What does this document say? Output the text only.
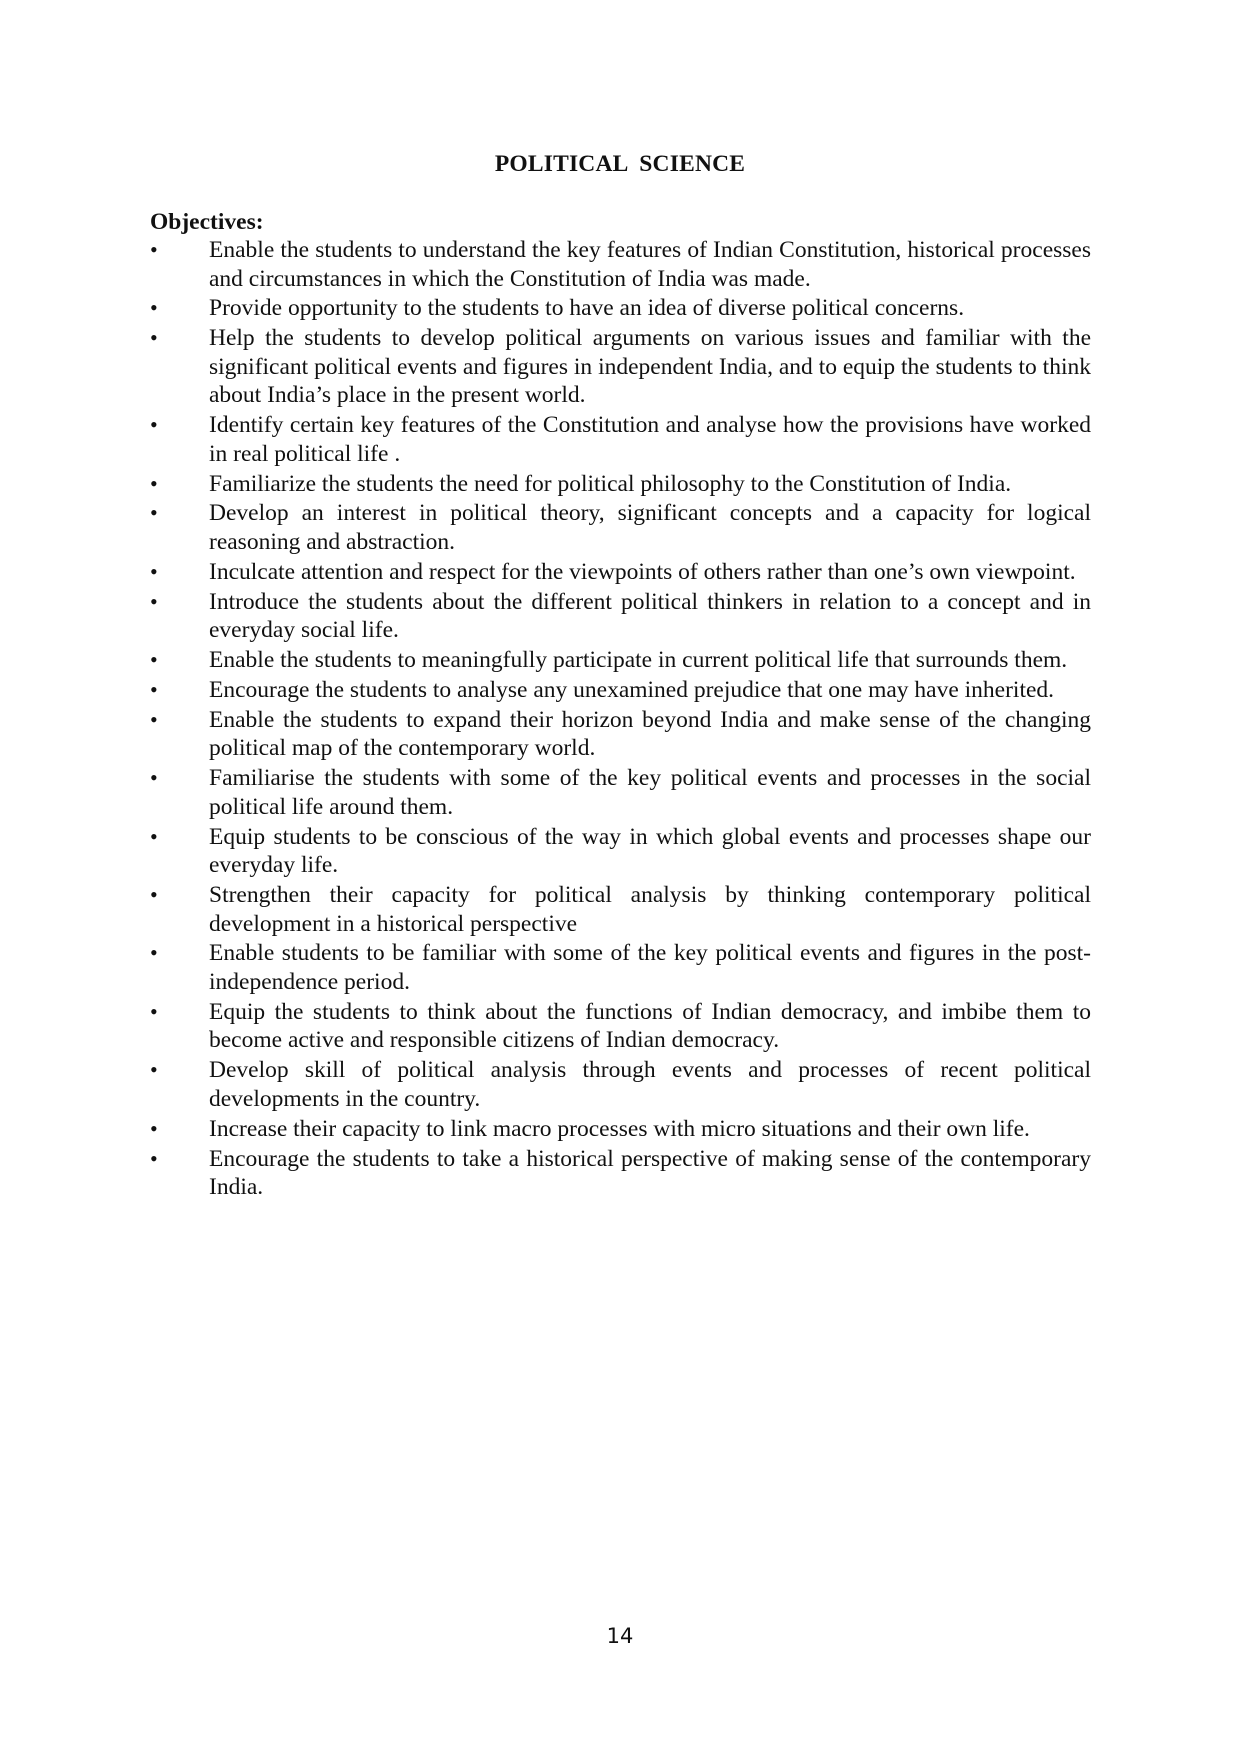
POLITICAL SCIENCE
Objectives:
•	Enable the students to understand the key features of Indian Constitution, historical processes and circumstances in which the Constitution of India was made.
•	Provide opportunity to the students to have an idea of diverse political concerns.
•	Help the students to develop political arguments on various issues and familiar with the significant political events and figures in independent India, and to equip the students to think about India’s place in the present world.
•	Identify certain key features of the Constitution and analyse how the provisions have worked in real political life .
•	Familiarize the students the need for political philosophy to the Constitution of India.
•	Develop an interest in political theory, significant concepts and a capacity for logical reasoning and abstraction.
•	Inculcate attention and respect for the viewpoints of others rather than one’s own viewpoint.
•	Introduce the students about the different political thinkers in relation to a concept and in everyday social life.
•	Enable the students to meaningfully participate in current political life that surrounds them.
•	Encourage the students to analyse any unexamined prejudice that one may have inherited.
•	Enable the students to expand their horizon beyond India and make sense of the changing political map of the contemporary world.
•	Familiarise the students with some of the key political events and processes in the social political life around them.
•	Equip students to be conscious of the way in which global events and processes shape our everyday life.
•	Strengthen their capacity for political analysis by thinking contemporary political development in a historical perspective
•	Enable students to be familiar with some of the key political events and figures in the post-independence period.
•	Equip the students to think about the functions of Indian democracy, and imbibe them to become active and responsible citizens of Indian democracy.
•	Develop skill of political analysis through events and processes of recent political developments in the country.
•	Increase their capacity to link macro processes with micro situations and their own life.
•	Encourage the students to take a historical perspective of making sense of the contemporary India.
14
